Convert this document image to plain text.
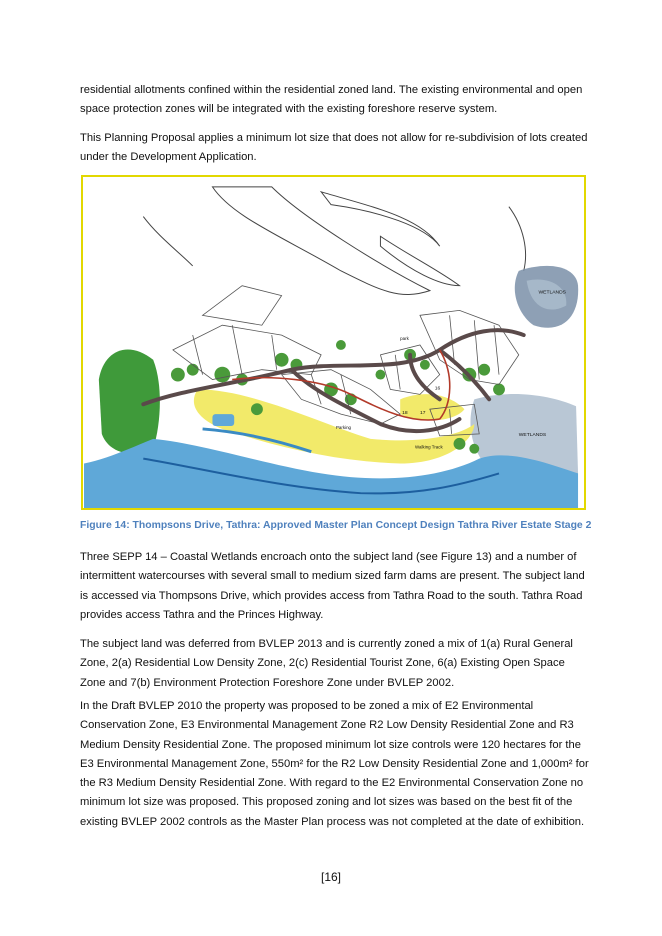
residential allotments confined within the residential zoned land. The existing environmental and open space protection zones will be integrated with the existing foreshore reserve system.

This Planning Proposal applies a minimum lot size that does not allow for re-subdivision of lots created under the Development Application.

WETLANDS
WETLANDS
park
Parking
Walking Track
16
17
18

Figure 14: Thompsons Drive, Tathra: Approved Master Plan Concept Design Tathra River Estate Stage 2

Three SEPP 14 – Coastal Wetlands encroach onto the subject land (see Figure 13) and a number of intermittent watercourses with several small to medium sized farm dams are present. The subject land is accessed via Thompsons Drive, which provides access from Tathra Road to the south. Tathra Road provides access Tathra and the Princes Highway.

The subject land was deferred from BVLEP 2013 and is currently zoned a mix of 1(a) Rural General Zone, 2(a) Residential Low Density Zone, 2(c) Residential Tourist Zone, 6(a) Existing Open Space Zone and 7(b) Environment Protection Foreshore Zone under BVLEP 2002.

In the Draft BVLEP 2010 the property was proposed to be zoned a mix of E2 Environmental Conservation Zone, E3 Environmental Management Zone R2 Low Density Residential Zone and R3 Medium Density Residential Zone. The proposed minimum lot size controls were 120 hectares for the E3 Environmental Management Zone, 550m² for the R2 Low Density Residential Zone and 1,000m² for the R3 Medium Density Residential Zone. With regard to the E2 Environmental Conservation Zone no minimum lot size was proposed. This proposed zoning and lot sizes was based on the best fit of the existing BVLEP 2002 controls as the Master Plan process was not completed at the date of exhibition.

[16]
